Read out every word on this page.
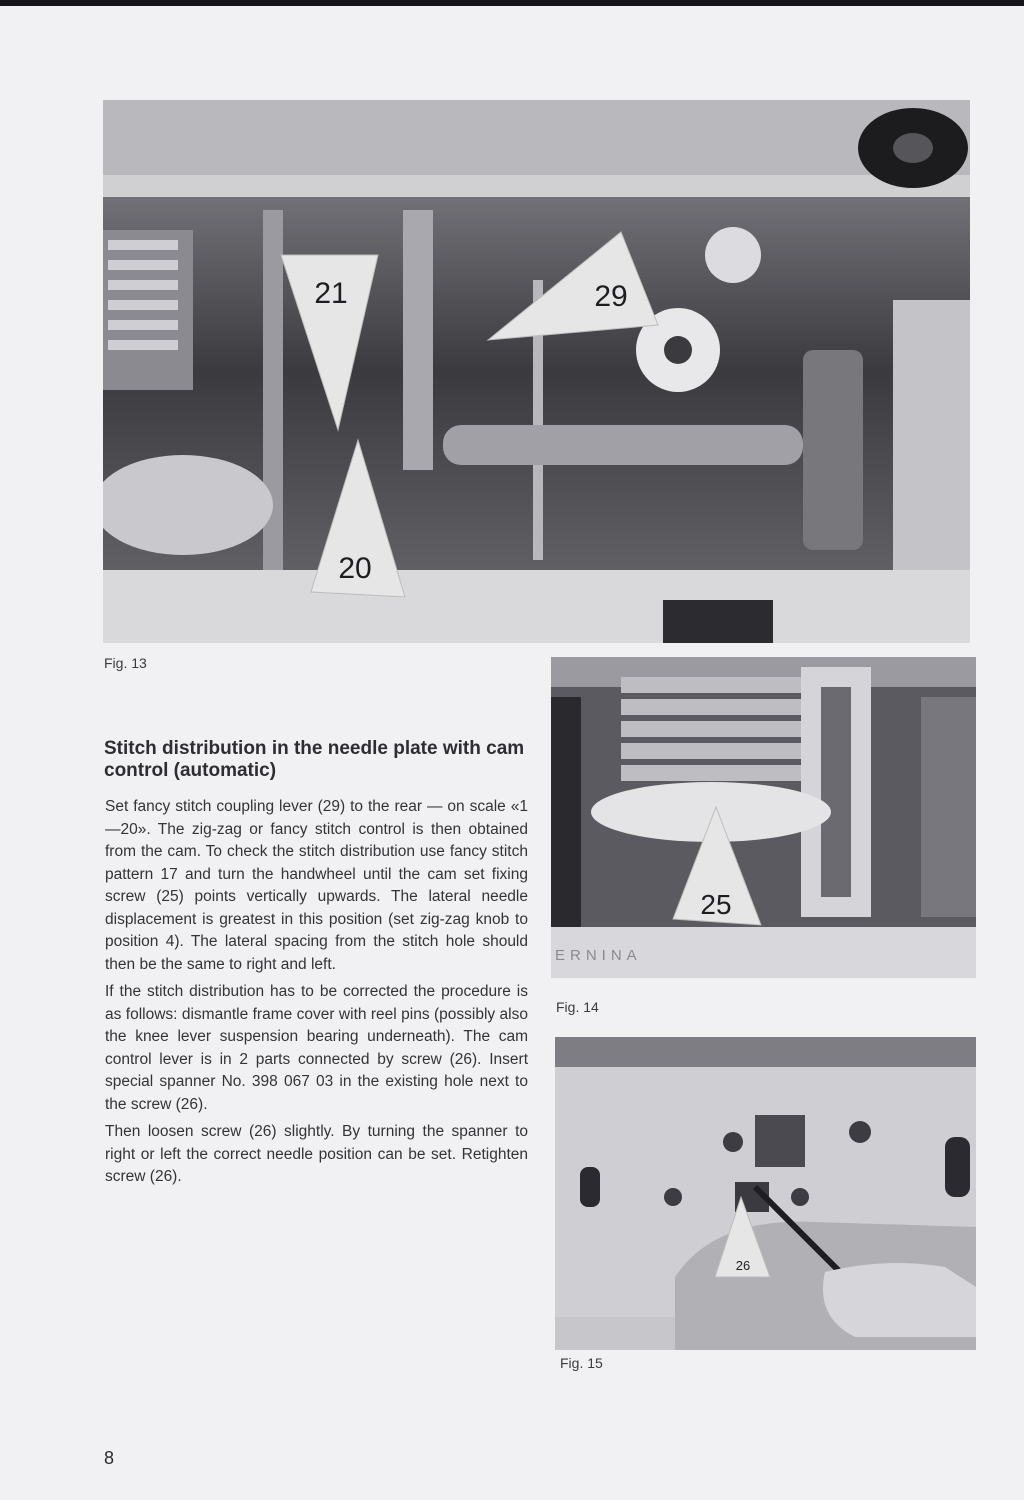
21	29
20
Fig. 13
ERNINA
25
Fig. 14
26
Fig. 15
Stitch distribution in the needle plate with cam control (automatic)

Set fancy stitch coupling lever (29) to the rear — on scale «1—20». The zig-zag or fancy stitch control is then obtained from the cam. To check the stitch distribution use fancy stitch pattern 17 and turn the handwheel until the cam set fixing screw (25) points vertically upwards. The lateral needle displacement is greatest in this position (set zig-zag knob to position 4). The lateral spacing from the stitch hole should then be the same to right and left.

If the stitch distribution has to be corrected the procedure is as follows: dismantle frame cover with reel pins (possibly also the knee lever suspension bearing underneath). The cam control lever is in 2 parts connected by screw (26). Insert special spanner No. 398 067 03 in the existing hole next to the screw (26).

Then loosen screw (26) slightly. By turning the spanner to right or left the correct needle position can be set. Retighten screw (26).

8
